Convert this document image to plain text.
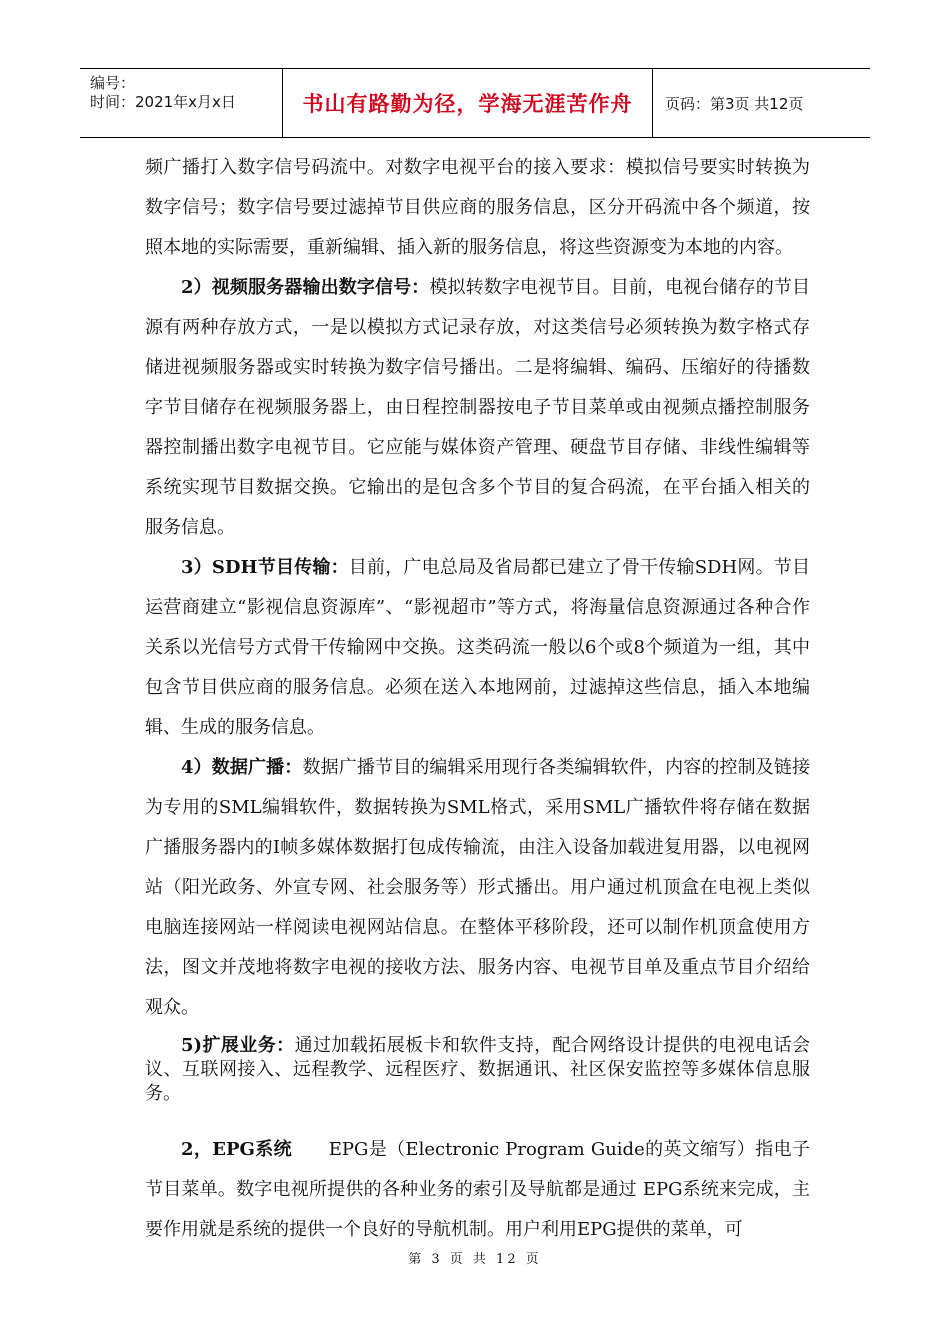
编号：
时间：2021年x月x日	书山有路勤为径，学海无涯苦作舟	页码：第3页 共12页

频广播打入数字信号码流中。对数字电视平台的接入要求：模拟信号要实时转换为数字信号；数字信号要过滤掉节目供应商的服务信息，区分开码流中各个频道，按照本地的实际需要，重新编辑、插入新的服务信息，将这些资源变为本地的内容。

2）视频服务器输出数字信号：模拟转数字电视节目。目前，电视台储存的节目源有两种存放方式，一是以模拟方式记录存放，对这类信号必须转换为数字格式存储进视频服务器或实时转换为数字信号播出。二是将编辑、编码、压缩好的待播数字节目储存在视频服务器上，由日程控制器按电子节目菜单或由视频点播控制服务器控制播出数字电视节目。它应能与媒体资产管理、硬盘节目存储、非线性编辑等系统实现节目数据交换。它输出的是包含多个节目的复合码流，在平台插入相关的服务信息。

3）SDH节目传输：目前，广电总局及省局都已建立了骨干传输SDH网。节目运营商建立“影视信息资源库”、“影视超市”等方式，将海量信息资源通过各种合作关系以光信号方式骨干传输网中交换。这类码流一般以6个或8个频道为一组，其中包含节目供应商的服务信息。必须在送入本地网前，过滤掉这些信息，插入本地编辑、生成的服务信息。

4）数据广播：数据广播节目的编辑采用现行各类编辑软件，内容的控制及链接为专用的SML编辑软件，数据转换为SML格式，采用SML广播软件将存储在数据广播服务器内的I帧多媒体数据打包成传输流，由注入设备加载进复用器，以电视网站（阳光政务、外宣专网、社会服务等）形式播出。用户通过机顶盒在电视上类似电脑连接网站一样阅读电视网站信息。在整体平移阶段，还可以制作机顶盒使用方法，图文并茂地将数字电视的接收方法、服务内容、电视节目单及重点节目介绍给观众。

5)扩展业务：通过加载拓展板卡和软件支持，配合网络设计提供的电视电话会议、互联网接入、远程教学、远程医疗、数据通讯、社区保安监控等多媒体信息服务。

2，EPG系统　　EPG是（Electronic Program Guide的英文缩写）指电子节目菜单。数字电视所提供的各种业务的索引及导航都是通过 EPG系统来完成，主要作用就是系统的提供一个良好的导航机制。用户利用EPG提供的菜单，可

第 3 页 共 12 页
